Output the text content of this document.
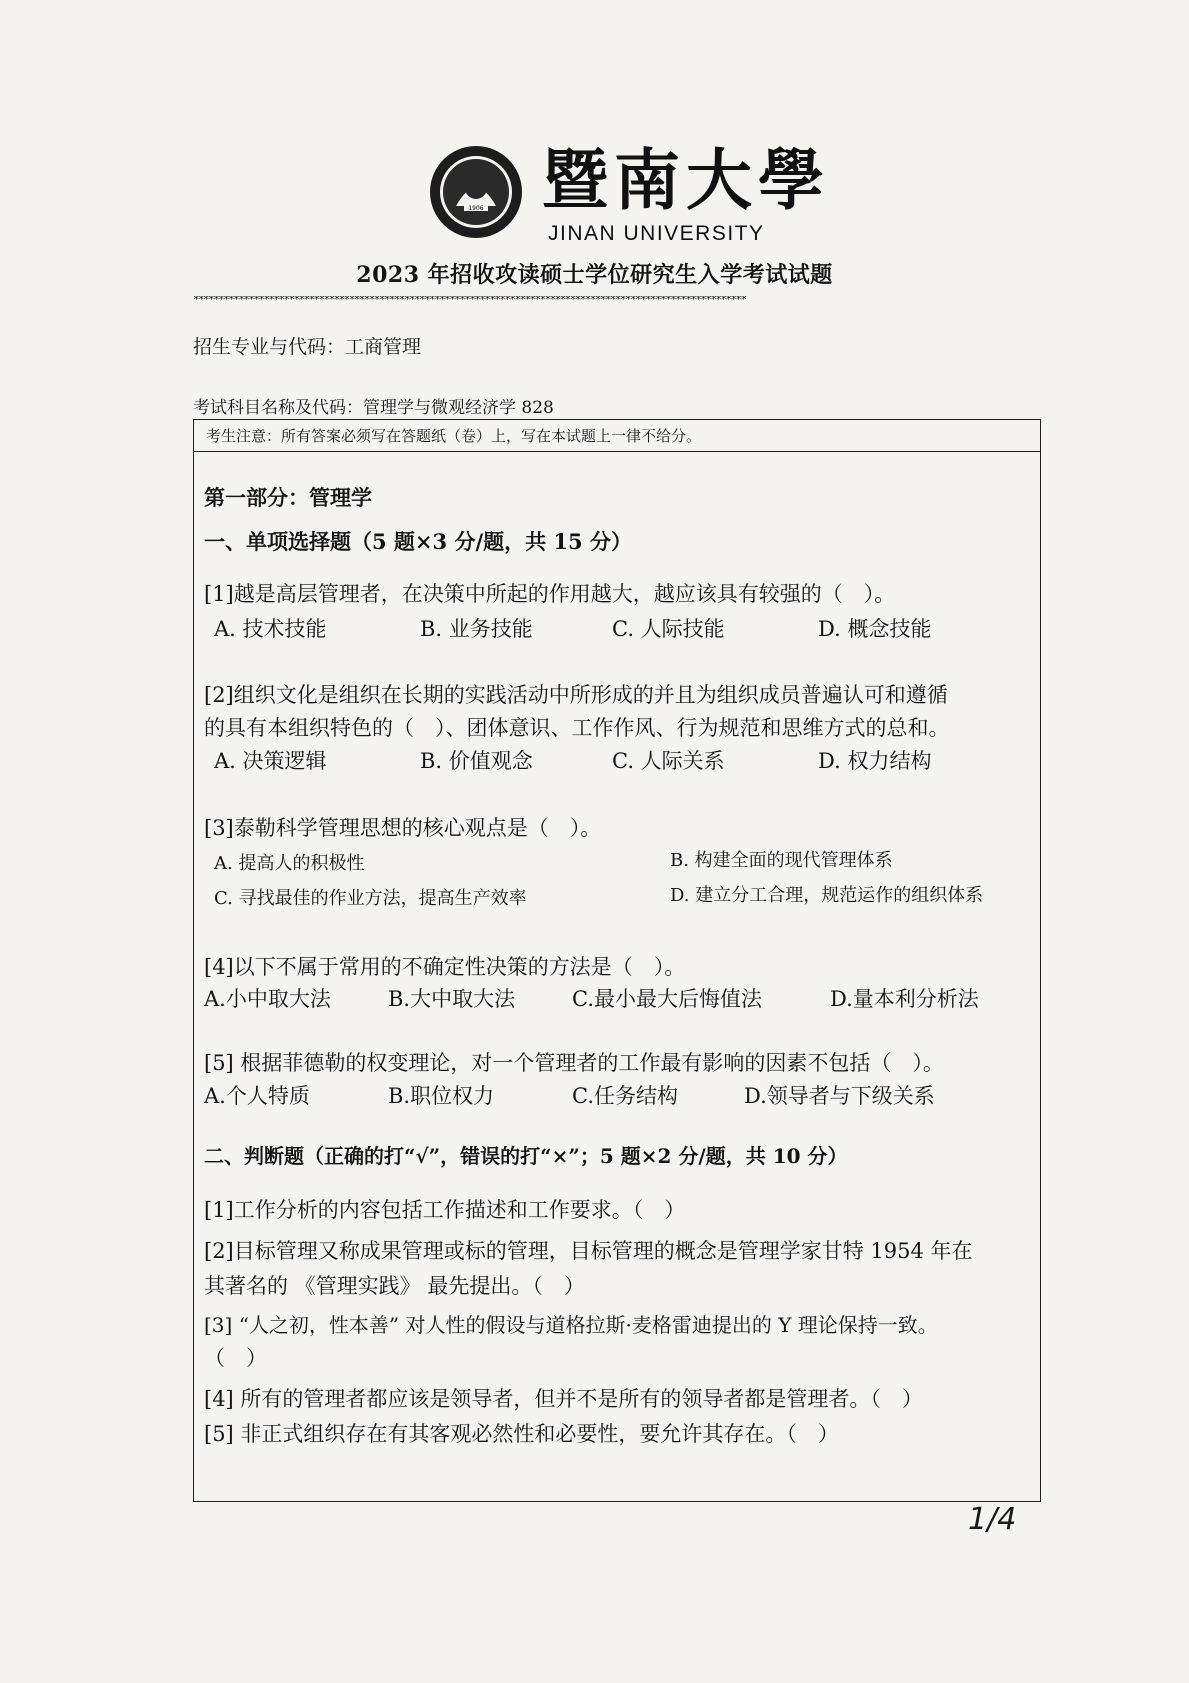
1906 暨南大學
JINAN UNIVERSITY
2023 年招收攻读硕士学位研究生入学考试试题
**************************************************************************************************************
招生专业与代码：工商管理
考试科目名称及代码：管理学与微观经济学 828
考生注意：所有答案必须写在答题纸（卷）上，写在本试题上一律不给分。
第一部分：管理学
一、单项选择题（5 题×3 分/题，共 15 分）
[1]越是高层管理者，在决策中所起的作用越大，越应该具有较强的（　）。
A. 技术技能	B. 业务技能	C. 人际技能	D. 概念技能
[2]组织文化是组织在长期的实践活动中所形成的并且为组织成员普遍认可和遵循
的具有本组织特色的（　）、团体意识、工作作风、行为规范和思维方式的总和。
A. 决策逻辑	B. 价值观念	C. 人际关系	D. 权力结构
[3]泰勒科学管理思想的核心观点是（　）。
A. 提高人的积极性	B. 构建全面的现代管理体系
C. 寻找最佳的作业方法，提高生产效率	D. 建立分工合理，规范运作的组织体系
[4]以下不属于常用的不确定性决策的方法是（　）。
A.小中取大法	B.大中取大法	C.最小最大后悔值法	D.量本利分析法
[5] 根据菲德勒的权变理论，对一个管理者的工作最有影响的因素不包括（　）。
A.个人特质	B.职位权力	C.任务结构	D.领导者与下级关系
二、判断题（正确的打“√”，错误的打“×”；5 题×2 分/题，共 10 分）
[1]工作分析的内容包括工作描述和工作要求。（　）
[2]目标管理又称成果管理或标的管理，目标管理的概念是管理学家甘特 1954 年在
其著名的 《管理实践》 最先提出。（　）
[3] “人之初，性本善” 对人性的假设与道格拉斯·麦格雷迪提出的 Y 理论保持一致。
（　）
[4] 所有的管理者都应该是领导者，但并不是所有的领导者都是管理者。（　）
[5] 非正式组织存在有其客观必然性和必要性，要允许其存在。（　）
1/4
